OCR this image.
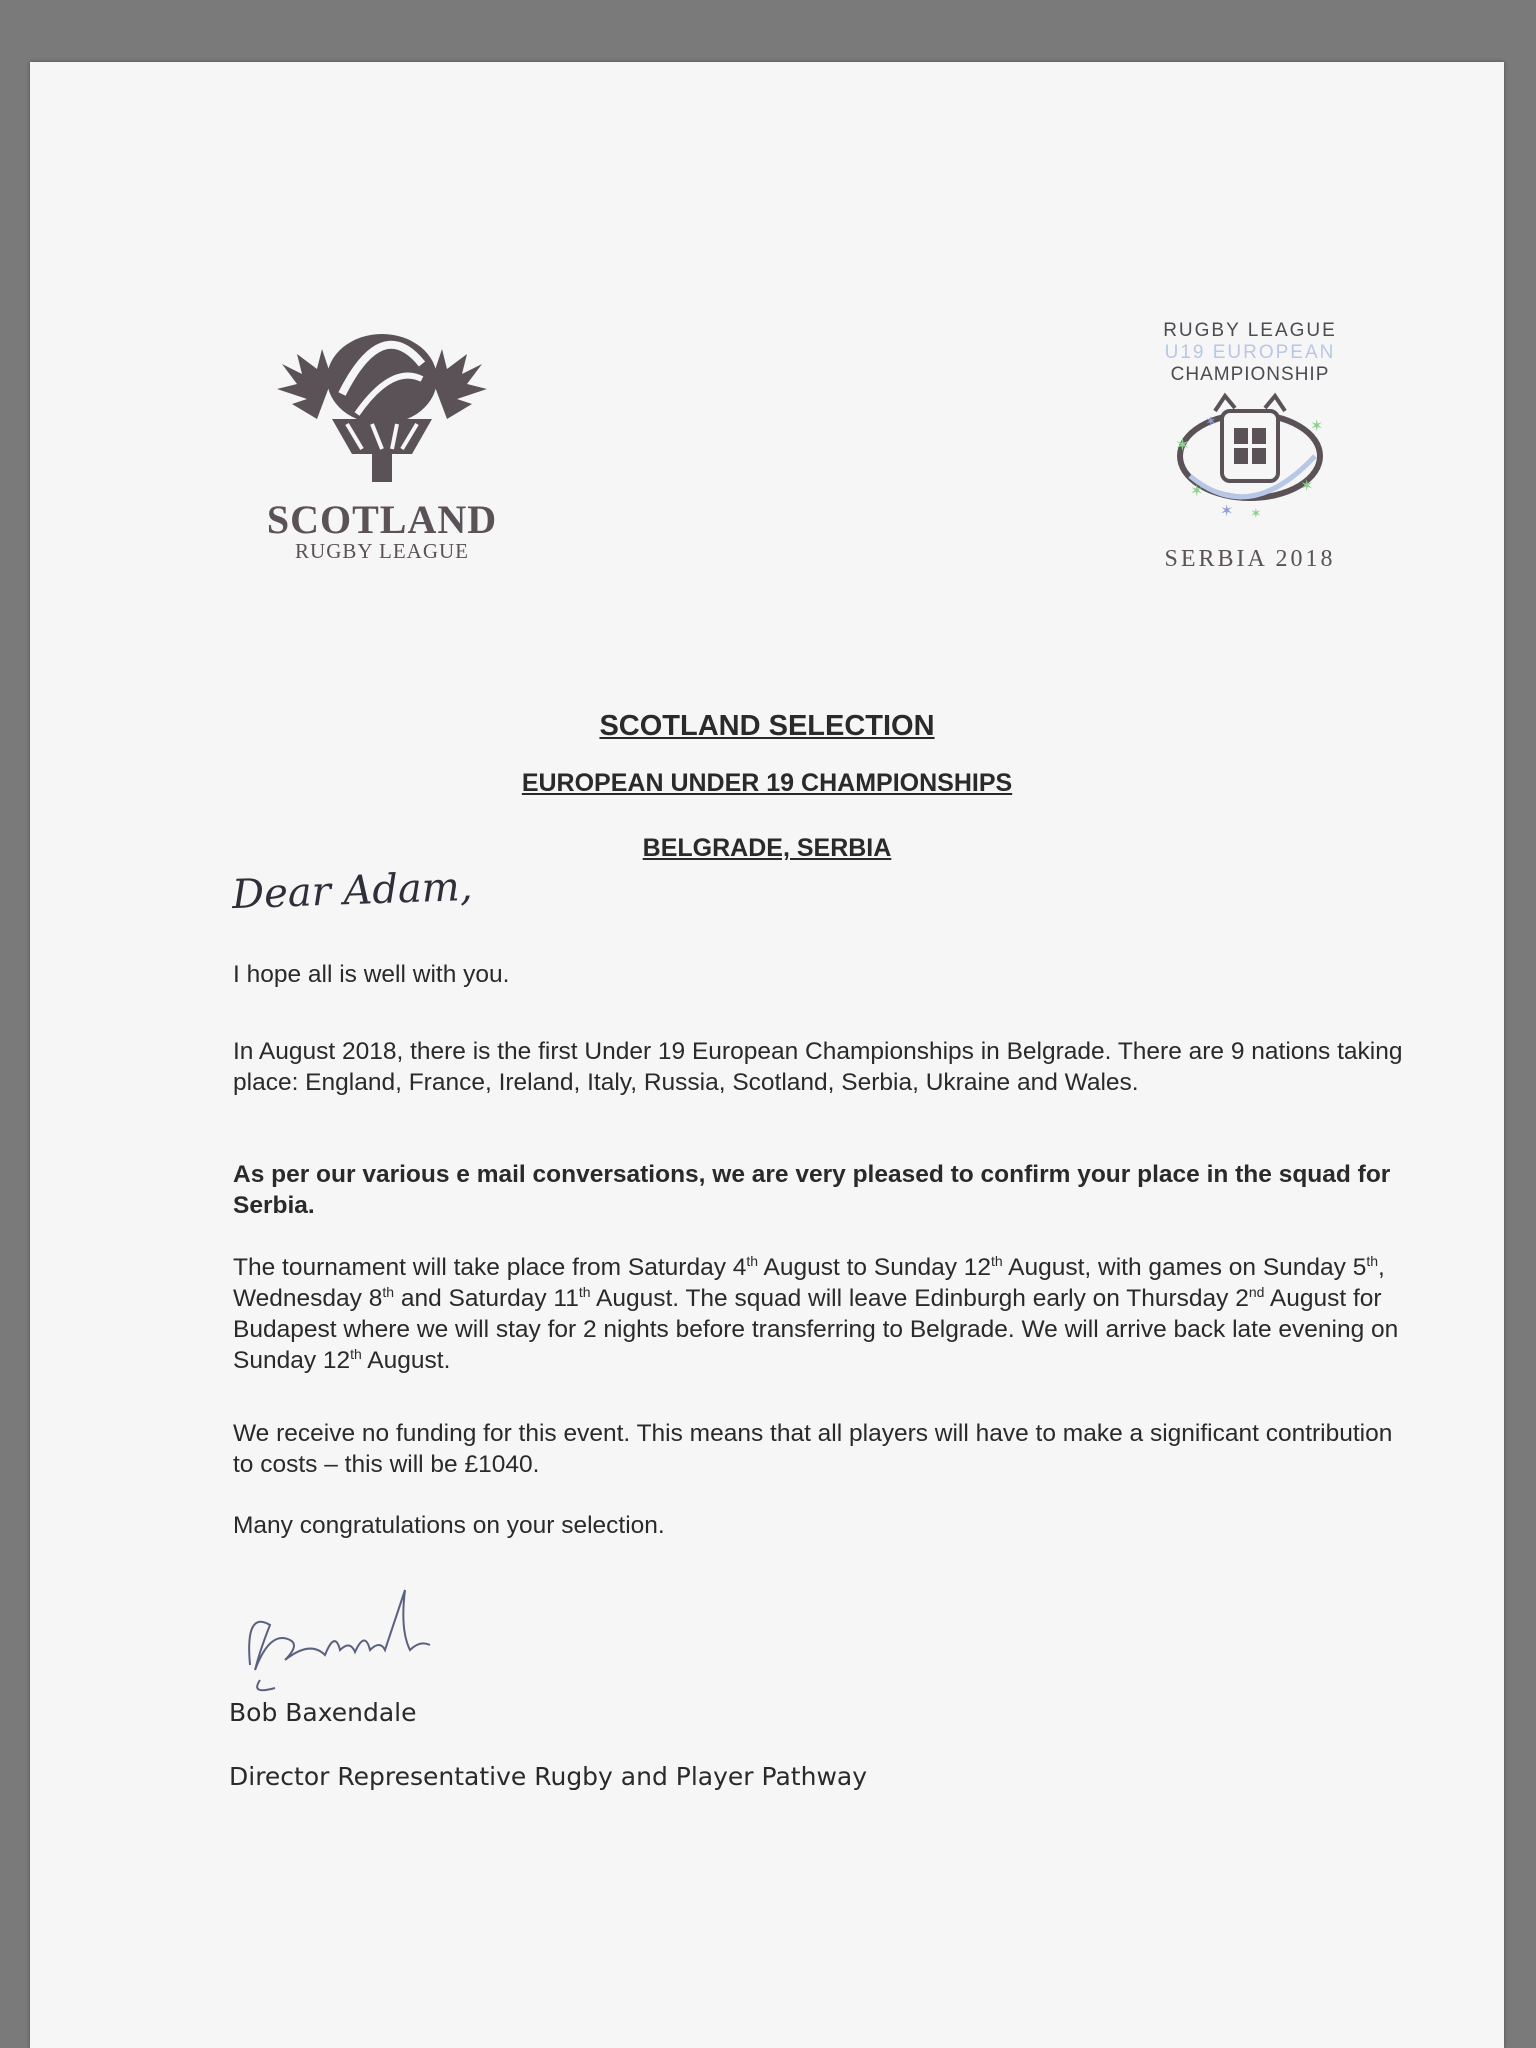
SCOTLAND
RUGBY LEAGUE
RUGBY LEAGUE
U19 EUROPEAN
CHAMPIONSHIP
✶
✶
✶
✶ ✶
✶
✶
SERBIA 2018
SCOTLAND SELECTION
EUROPEAN UNDER 19 CHAMPIONSHIPS
BELGRADE, SERBIA
Dear Adam,
I hope all is well with you.
In August 2018, there is the first Under 19 European Championships in Belgrade. There are 9 nations taking place: England, France, Ireland, Italy, Russia, Scotland, Serbia, Ukraine and Wales.
As per our various e mail conversations, we are very pleased to confirm your place in the squad for Serbia.
The tournament will take place from Saturday 4th August to Sunday 12th August, with games on Sunday 5th, Wednesday 8th and Saturday 11th August. The squad will leave Edinburgh early on Thursday 2nd August for Budapest where we will stay for 2 nights before transferring to Belgrade. We will arrive back late evening on Sunday 12th August.
We receive no funding for this event. This means that all players will have to make a significant contribution to costs – this will be £1040.
Many congratulations on your selection.
Bob Baxendale
Director Representative Rugby and Player Pathway
